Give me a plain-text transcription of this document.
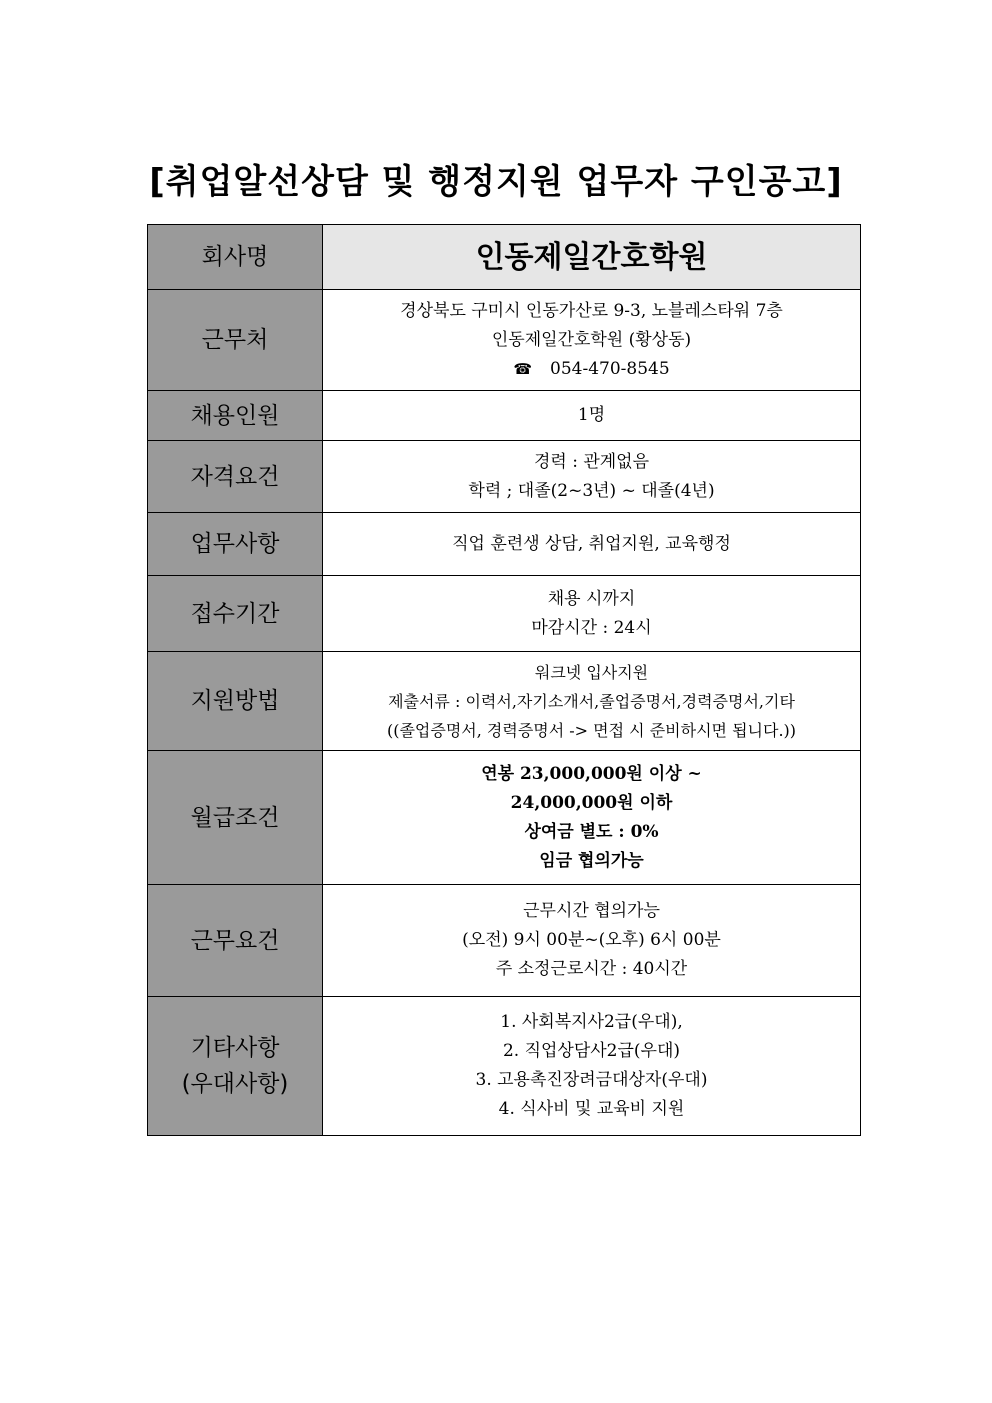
[취업알선상담 및 행정지원 업무자 구인공고]
회사명	인동제일간호학원
근무처	경상북도 구미시 인동가산로 9-3, 노블레스타워 7층
인동제일간호학원 (황상동)
☎ 054-470-8545

채용인원	1명
자격요건	경력 : 관계없음
학력 ; 대졸(2~3년) ~ 대졸(4년)

업무사항	직업 훈련생 상담, 취업지원, 교육행정
접수기간	채용 시까지
마감시간 : 24시

지원방법	워크넷 입사지원
제출서류 : 이력서,자기소개서,졸업증명서,경력증명서,기타
((졸업증명서, 경력증명서 -> 면접 시 준비하시면 됩니다.))

월급조건	연봉 23,000,000원 이상 ~
24,000,000원 이하
상여금 별도 : 0%
임금 협의가능

근무요건	근무시간 협의가능
(오전) 9시 00분~(오후) 6시 00분
주 소정근로시간 : 40시간

기타사항
(우대사항)	1. 사회복지사2급(우대),
2. 직업상담사2급(우대)
3. 고용촉진장려금대상자(우대)
4. 식사비 및 교육비 지원
